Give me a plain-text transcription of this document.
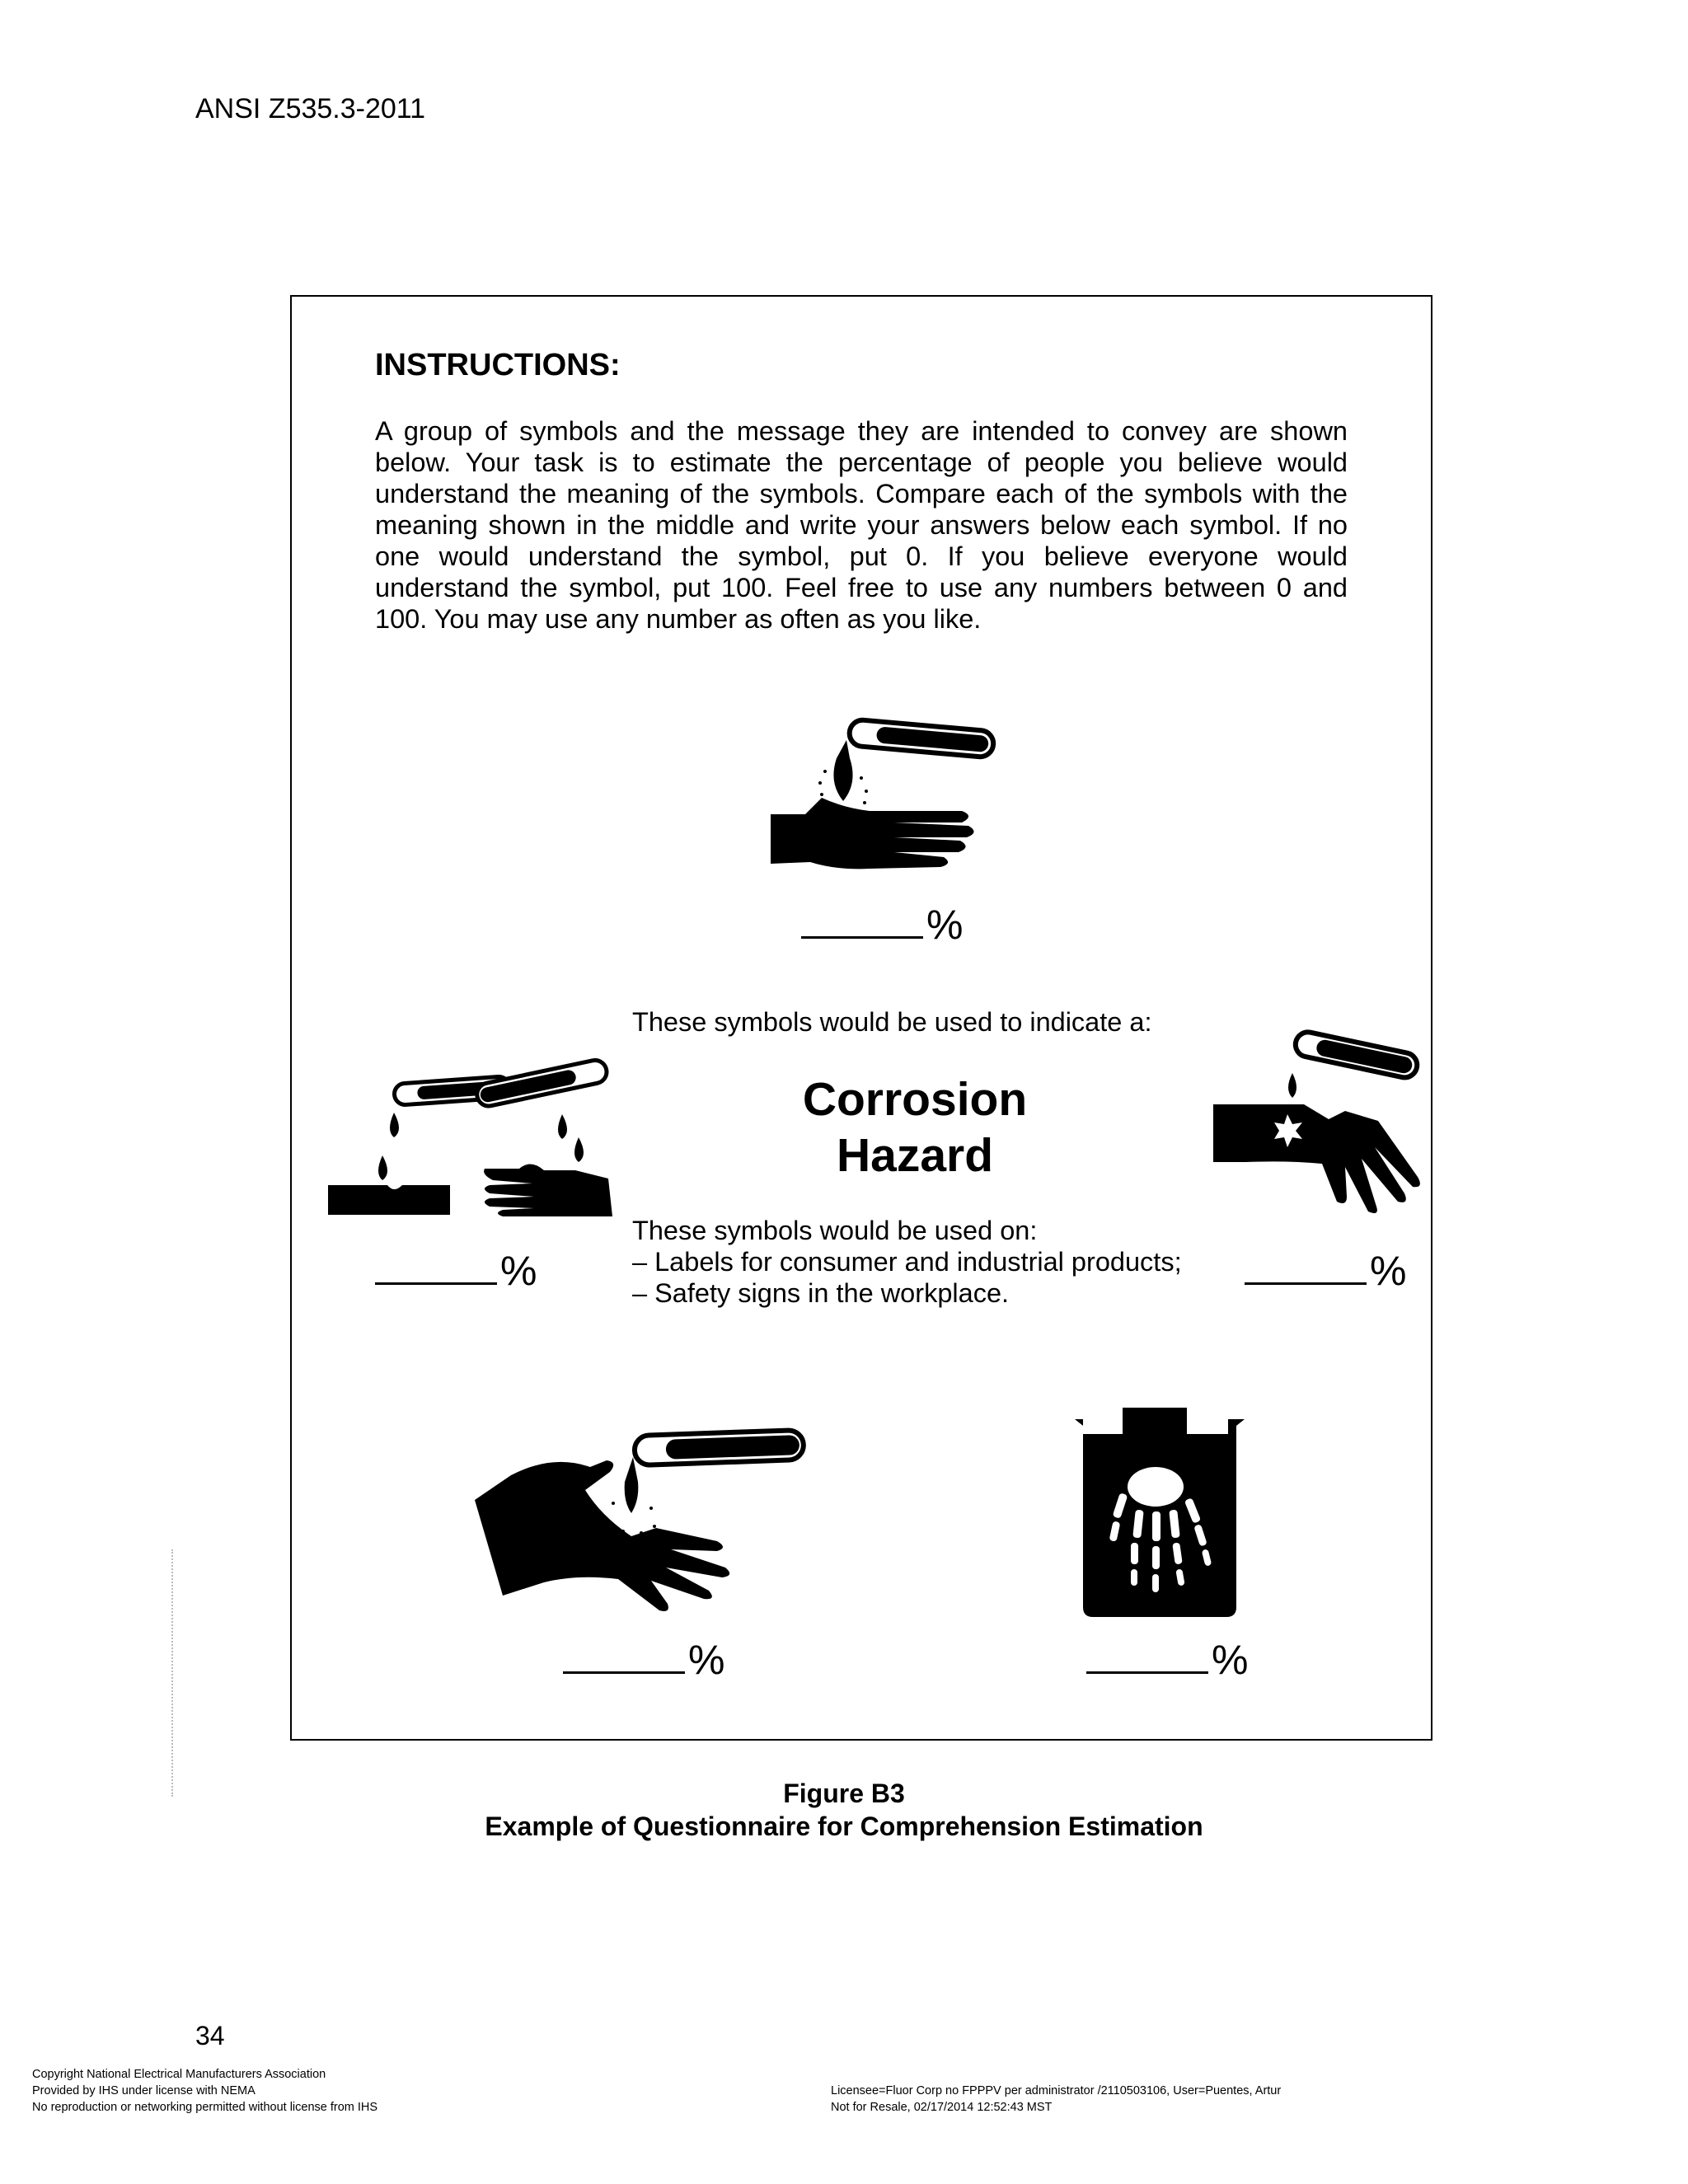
ANSI Z535.3-2011
INSTRUCTIONS:
A group of symbols and the message they are intended to convey are shown below. Your task is to estimate the percentage of people you believe would understand the meaning of the symbols. Compare each of the symbols with the meaning shown in the middle and write your answers below each symbol. If no one would understand the symbol, put 0. If you believe everyone would understand the symbol, put 100. Feel free to use any numbers between 0 and 100. You may use any number as often as you like.
%
%
These symbols would be used to indicate a:
Corrosion
Hazard
These symbols would be used on:
– Labels for consumer and industrial products;
– Safety signs in the workplace.	%
%	%
Figure B3
Example of Questionnaire for Comprehension Estimation
34
Copyright National Electrical Manufacturers Association
Provided by IHS under license with NEMA
No reproduction or networking permitted without license from IHS
Licensee=Fluor Corp no FPPPV per administrator /2110503106, User=Puentes, Artur
Not for Resale, 02/17/2014 12:52:43 MST
